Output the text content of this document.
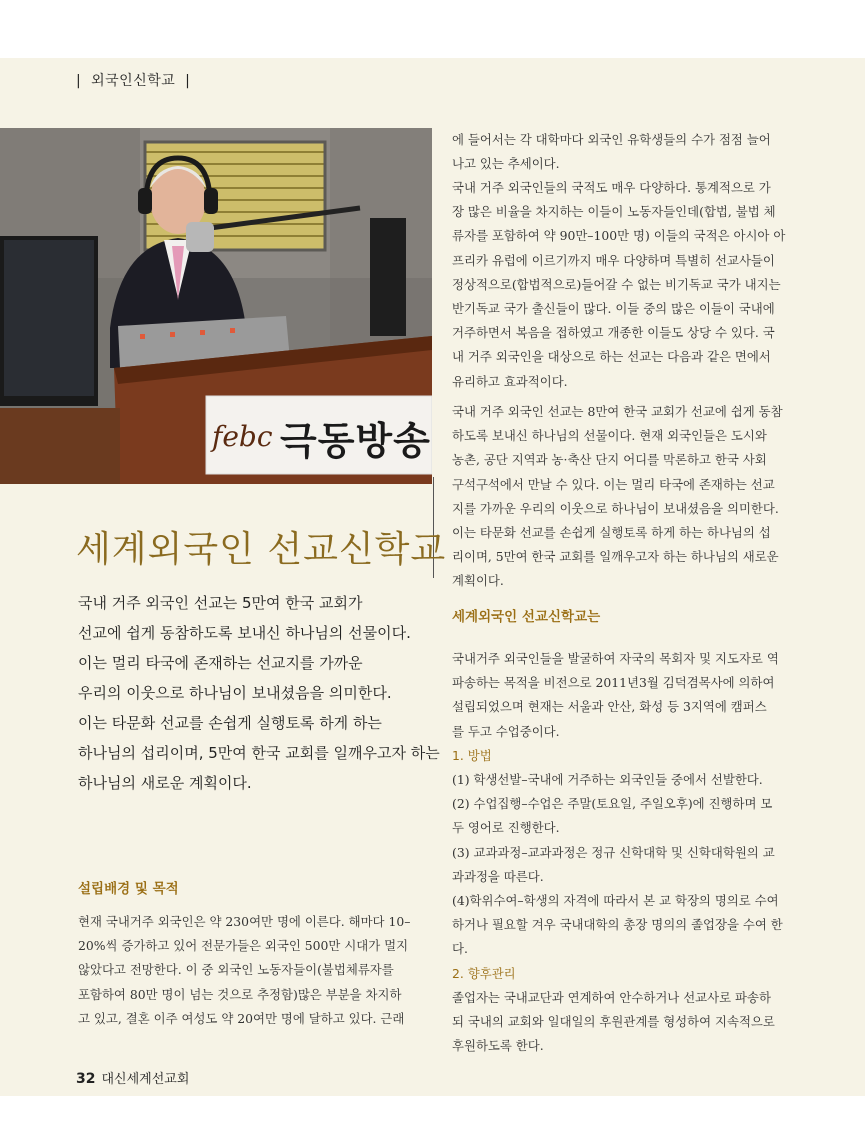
|  외국인신학교  |
febc 극동방송
세계외국인 선교신학교
국내 거주 외국인 선교는 5만여 한국 교회가
선교에 쉽게 동참하도록 보내신 하나님의 선물이다.
이는 멀리 타국에 존재하는 선교지를 가까운
우리의 이웃으로 하나님이 보내셨음을 의미한다.
이는 타문화 선교를 손쉽게 실행토록 하게 하는
하나님의 섭리이며, 5만여 한국 교회를 일깨우고자 하는
하나님의 새로운 계획이다.
설립배경 및 목적
현재 국내거주 외국인은 약 230여만 명에 이른다. 해마다 10–
20%씩 증가하고 있어 전문가들은 외국인 500만 시대가 멀지
않았다고 전망한다. 이 중 외국인 노동자들이(불법체류자를
포함하여 80만 명이 넘는 것으로 추정함)많은 부분을 차지하
고 있고, 결혼 이주 여성도 약 20여만 명에 달하고 있다. 근래
에 들어서는 각 대학마다 외국인 유학생들의 수가 점점 늘어
나고 있는 추세이다.
국내 거주 외국인들의 국적도 매우 다양하다. 통계적으로 가
장 많은 비율을 차지하는 이들이 노동자들인데(합법, 불법 체
류자를 포함하여 약 90만–100만 명) 이들의 국적은 아시아 아
프리카 유럽에 이르기까지 매우 다양하며 특별히 선교사들이
정상적으로(합법적으로)들어갈 수 없는 비기독교 국가 내지는
반기독교 국가 출신들이 많다. 이들 중의 많은 이들이 국내에
거주하면서 복음을 접하였고 개종한 이들도 상당 수 있다. 국
내 거주 외국인을 대상으로 하는 선교는 다음과 같은 면에서
유리하고 효과적이다.
국내 거주 외국인 선교는 8만여 한국 교회가 선교에 쉽게 동참
하도록 보내신 하나님의 선물이다. 현재 외국인들은 도시와
농촌, 공단 지역과 농·축산 단지 어디를 막론하고 한국 사회
구석구석에서 만날 수 있다. 이는 멀리 타국에 존재하는 선교
지를 가까운 우리의 이웃으로 하나님이 보내셨음을 의미한다.
이는 타문화 선교를 손쉽게 실행토록 하게 하는 하나님의 섭
리이며, 5만여 한국 교회를 일깨우고자 하는 하나님의 새로운
계획이다.
세계외국인 선교신학교는
국내거주 외국인들을 발굴하여 자국의 목회자 및 지도자로 역
파송하는 목적을 비전으로 2011년3월 김덕겸목사에 의하여
설립되었으며 현재는 서울과 안산, 화성 등 3지역에 캠퍼스
를 두고 수업중이다.
1. 방법
(1) 학생선발–국내에 거주하는 외국인들 중에서 선발한다.
(2) 수업집행–수업은 주말(토요일, 주일오후)에 진행하며 모
두 영어로 진행한다.
(3) 교과과정–교과과정은 정규 신학대학 및 신학대학원의 교
과과정을 따른다.
(4)학위수여–학생의 자격에 따라서 본 교 학장의 명의로 수여
하거나 필요할 겨우 국내대학의 총장 명의의 졸업장을 수여 한
다.
2. 향후관리
졸업자는 국내교단과 연계하여 안수하거나 선교사로 파송하
되 국내의 교회와 일대일의 후원관계를 형성하여 지속적으로
후원하도록 한다.
32 대신세계선교회
